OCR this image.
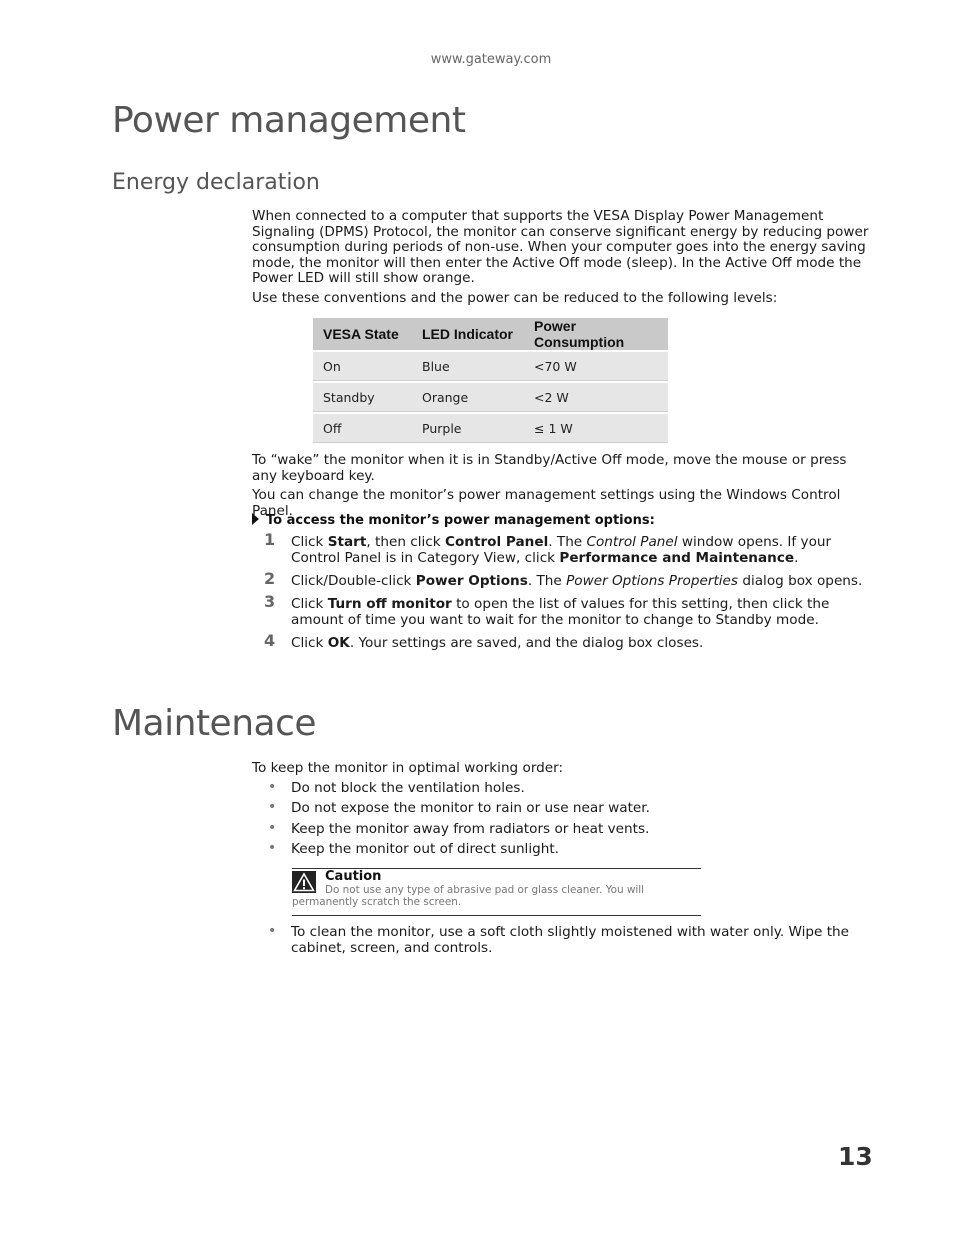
www.gateway.com
Power management
Energy declaration
When connected to a computer that supports the VESA Display Power Management Signaling (DPMS) Protocol, the monitor can conserve significant energy by reducing power consumption during periods of non-use. When your computer goes into the energy saving mode, the monitor will then enter the Active Off mode (sleep). In the Active Off mode the Power LED will still show orange.
Use these conventions and the power can be reduced to the following levels:
VESA State	LED Indicator	Power Consumption
On	Blue	<70 W
Standby	Orange	<2 W
Off	Purple	≤ 1 W
To “wake” the monitor when it is in Standby/Active Off mode, move the mouse or press any keyboard key.
You can change the monitor’s power management settings using the Windows Control Panel.
To access the monitor’s power management options:
1 Click Start, then click Control Panel. The Control Panel window opens. If your Control Panel is in Category View, click Performance and Maintenance.
2 Click/Double-click Power Options. The Power Options Properties dialog box opens.
3 Click Turn off monitor to open the list of values for this setting, then click the amount of time you want to wait for the monitor to change to Standby mode.
4 Click OK. Your settings are saved, and the dialog box closes.
Maintenace
To keep the monitor in optimal working order:
• Do not block the ventilation holes.
• Do not expose the monitor to rain or use near water.
• Keep the monitor away from radiators or heat vents.
• Keep the monitor out of direct sunlight.
Caution
Do not use any type of abrasive pad or glass cleaner. You will permanently scratch the screen.
• To clean the monitor, use a soft cloth slightly moistened with water only. Wipe the cabinet, screen, and controls.
13
